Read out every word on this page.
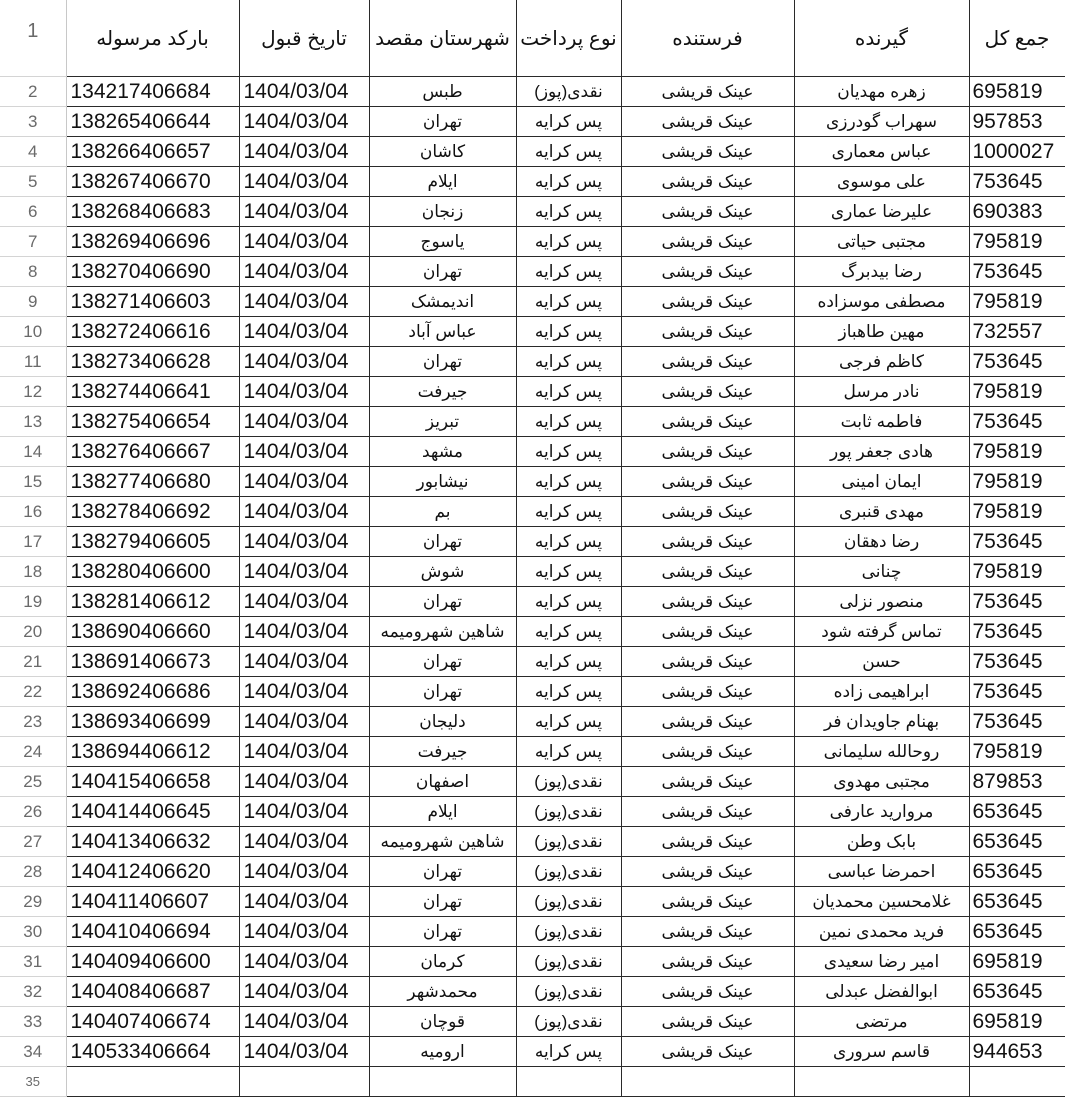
1	بارکد مرسوله	تاریخ قبول	شهرستان مقصد	نوع پرداخت	فرستنده	گیرنده	جمع کل
2	134217406684	1404/03/04	طبس	نقدی(پوز)	عینک قریشی	زهره مهدیان	695819
3	138265406644	1404/03/04	تهران	پس کرایه	عینک قریشی	سهراب گودرزی	957853
4	138266406657	1404/03/04	کاشان	پس کرایه	عینک قریشی	عباس معماری	1000027
5	138267406670	1404/03/04	ایلام	پس کرایه	عینک قریشی	علی موسوی	753645
6	138268406683	1404/03/04	زنجان	پس کرایه	عینک قریشی	علیرضا عماری	690383
7	138269406696	1404/03/04	یاسوج	پس کرایه	عینک قریشی	مجتبی حیاتی	795819
8	138270406690	1404/03/04	تهران	پس کرایه	عینک قریشی	رضا بیدبرگ	753645
9	138271406603	1404/03/04	اندیمشک	پس کرایه	عینک قریشی	مصطفی موسزاده	795819
10	138272406616	1404/03/04	عباس آباد	پس کرایه	عینک قریشی	مهین طاهباز	732557
11	138273406628	1404/03/04	تهران	پس کرایه	عینک قریشی	کاظم فرجی	753645
12	138274406641	1404/03/04	جیرفت	پس کرایه	عینک قریشی	نادر مرسل	795819
13	138275406654	1404/03/04	تبریز	پس کرایه	عینک قریشی	فاطمه ثابت	753645
14	138276406667	1404/03/04	مشهد	پس کرایه	عینک قریشی	هادی جعفر پور	795819
15	138277406680	1404/03/04	نیشابور	پس کرایه	عینک قریشی	ایمان امینی	795819
16	138278406692	1404/03/04	بم	پس کرایه	عینک قریشی	مهدی قنبری	795819
17	138279406605	1404/03/04	تهران	پس کرایه	عینک قریشی	رضا دهقان	753645
18	138280406600	1404/03/04	شوش	پس کرایه	عینک قریشی	چنانی	795819
19	138281406612	1404/03/04	تهران	پس کرایه	عینک قریشی	منصور نزلی	753645
20	138690406660	1404/03/04	شاهین شهرومیمه	پس کرایه	عینک قریشی	تماس گرفته شود	753645
21	138691406673	1404/03/04	تهران	پس کرایه	عینک قریشی	حسن	753645
22	138692406686	1404/03/04	تهران	پس کرایه	عینک قریشی	ابراهیمی زاده	753645
23	138693406699	1404/03/04	دلیجان	پس کرایه	عینک قریشی	بهنام جاویدان فر	753645
24	138694406612	1404/03/04	جیرفت	پس کرایه	عینک قریشی	روحالله سلیمانی	795819
25	140415406658	1404/03/04	اصفهان	نقدی(پوز)	عینک قریشی	مجتبی مهدوی	879853
26	140414406645	1404/03/04	ایلام	نقدی(پوز)	عینک قریشی	مروارید عارفی	653645
27	140413406632	1404/03/04	شاهین شهرومیمه	نقدی(پوز)	عینک قریشی	بابک وطن	653645
28	140412406620	1404/03/04	تهران	نقدی(پوز)	عینک قریشی	احمرضا عباسی	653645
29	140411406607	1404/03/04	تهران	نقدی(پوز)	عینک قریشی	غلامحسین محمدیان	653645
30	140410406694	1404/03/04	تهران	نقدی(پوز)	عینک قریشی	فرید محمدی نمین	653645
31	140409406600	1404/03/04	کرمان	نقدی(پوز)	عینک قریشی	امیر رضا سعیدی	695819
32	140408406687	1404/03/04	محمدشهر	نقدی(پوز)	عینک قریشی	ابوالفضل عبدلی	653645
33	140407406674	1404/03/04	قوچان	نقدی(پوز)	عینک قریشی	مرتضی	695819
34	140533406664	1404/03/04	ارومیه	پس کرایه	عینک قریشی	قاسم سروری	944653
35							
